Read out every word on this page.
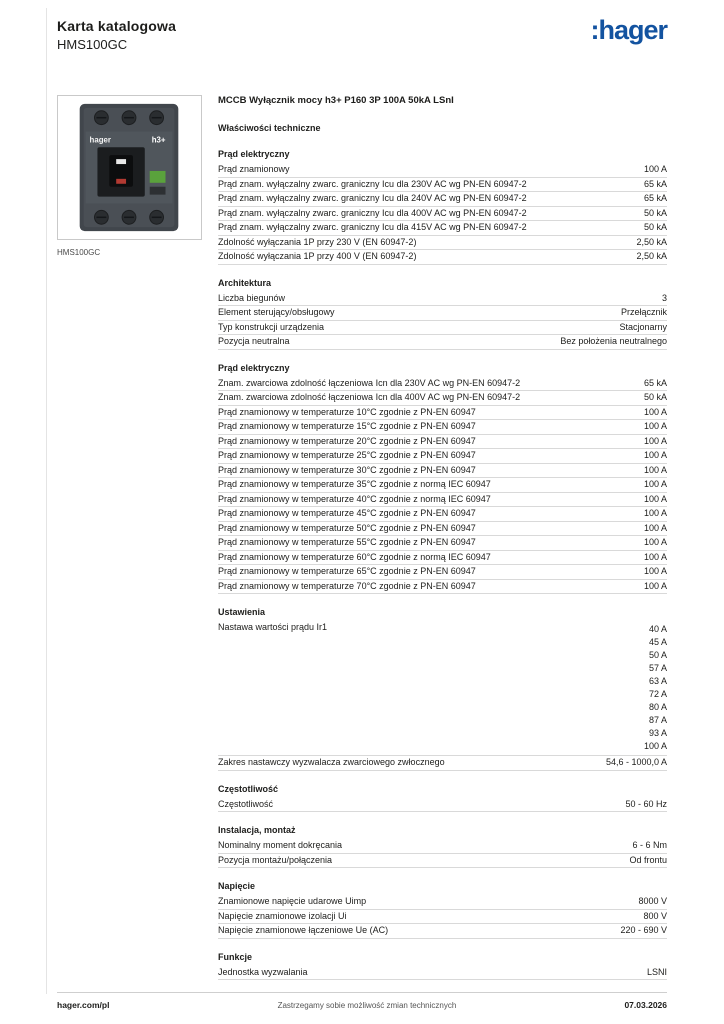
Karta katalogowa
HMS100GC	:hager
hager	h3+
HMS100GC
MCCB Wyłącznik mocy h3+ P160 3P 100A 50kA LSnI
Właściwości techniczne
Prąd elektryczny
Prąd znamionowy	100 A
Prąd znam. wyłączalny zwarc. graniczny Icu dla 230V AC wg PN-EN 60947-2	65 kA
Prąd znam. wyłączalny zwarc. graniczny Icu dla 240V AC wg PN-EN 60947-2	65 kA
Prąd znam. wyłączalny zwarc. graniczny Icu dla 400V AC wg PN-EN 60947-2	50 kA
Prąd znam. wyłączalny zwarc. graniczny Icu dla 415V AC wg PN-EN 60947-2	50 kA
Zdolność wyłączania 1P przy 230 V (EN 60947-2)	2,50 kA
Zdolność wyłączania 1P przy 400 V (EN 60947-2)	2,50 kA
Architektura
Liczba biegunów	3
Element sterujący/obsługowy	Przełącznik
Typ konstrukcji urządzenia	Stacjonarny
Pozycja neutralna	Bez położenia neutralnego
Prąd elektryczny
Znam. zwarciowa zdolność łączeniowa Icn dla 230V AC wg PN-EN 60947-2	65 kA
Znam. zwarciowa zdolność łączeniowa Icn dla 400V AC wg PN-EN 60947-2	50 kA
Prąd znamionowy w temperaturze 10°C zgodnie z PN-EN 60947	100 A
Prąd znamionowy w temperaturze 15°C zgodnie z PN-EN 60947	100 A
Prąd znamionowy w temperaturze 20°C zgodnie z PN-EN 60947	100 A
Prąd znamionowy w temperaturze 25°C zgodnie z PN-EN 60947	100 A
Prąd znamionowy w temperaturze 30°C zgodnie z PN-EN 60947	100 A
Prąd znamionowy w temperaturze 35°C zgodnie z normą IEC 60947	100 A
Prąd znamionowy w temperaturze 40°C zgodnie z normą IEC 60947	100 A
Prąd znamionowy w temperaturze 45°C zgodnie z PN-EN 60947	100 A
Prąd znamionowy w temperaturze 50°C zgodnie z PN-EN 60947	100 A
Prąd znamionowy w temperaturze 55°C zgodnie z PN-EN 60947	100 A
Prąd znamionowy w temperaturze 60°C zgodnie z normą IEC 60947	100 A
Prąd znamionowy w temperaturze 65°C zgodnie z PN-EN 60947	100 A
Prąd znamionowy w temperaturze 70°C zgodnie z PN-EN 60947	100 A
Ustawienia
Nastawa wartości prądu Ir1	40 A
45 A
50 A
57 A
63 A
72 A
80 A
87 A
93 A
100 A
Zakres nastawczy wyzwalacza zwarciowego zwłocznego	54,6 - 1000,0 A
Częstotliwość
Częstotliwość	50 - 60 Hz
Instalacja, montaż
Nominalny moment dokręcania	6 - 6 Nm
Pozycja montażu/połączenia	Od frontu
Napięcie
Znamionowe napięcie udarowe Uimp	8000 V
Napięcie znamionowe izolacji Ui	800 V
Napięcie znamionowe łączeniowe Ue (AC)	220 - 690 V
Funkcje
Jednostka wyzwalania	LSNI
hager.com/pl	Zastrzegamy sobie możliwość zmian technicznych	07.03.2026
